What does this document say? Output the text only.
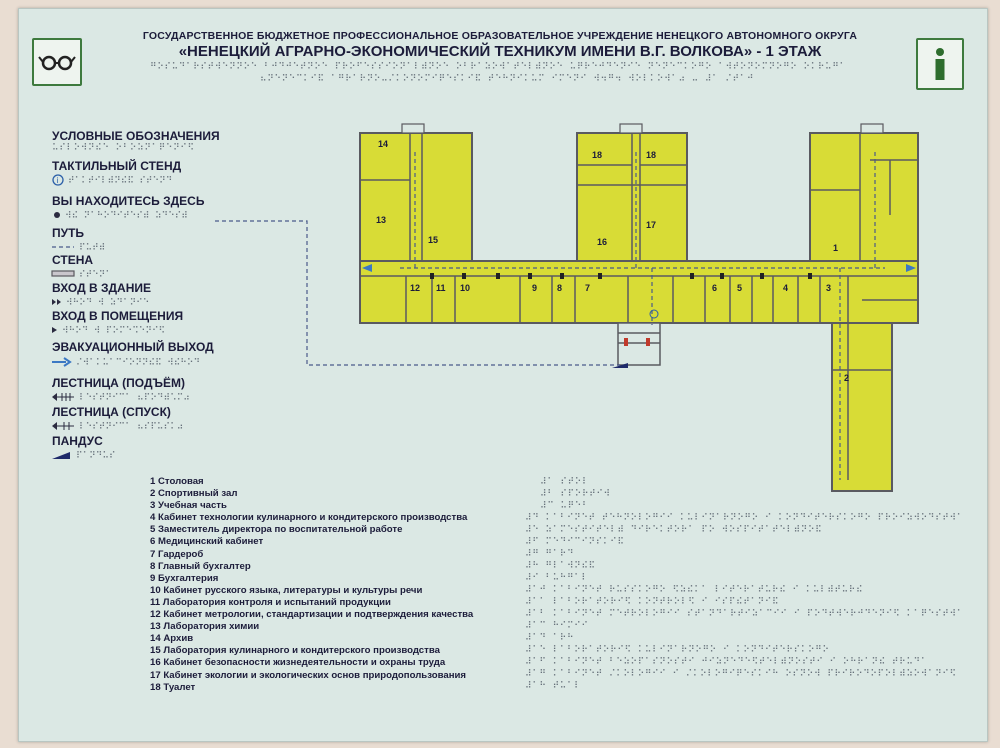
ГОСУДАРСТВЕННОЕ БЮДЖЕТНОЕ ПРОФЕССИОНАЛЬНОЕ ОБРАЗОВАТЕЛЬНОЕ УЧРЕЖДЕНИЕ НЕНЕЦКОГО АВТОНОМНОГО ОКРУГА
«НЕНЕЦКИЙ АГРАРНО-ЭКОНОМИЧЕСКИЙ ТЕХНИКУМ ИМЕНИ В.Г. ВОЛКОВА» - 1 ЭТАЖ
⠛⠕⠎⠥⠙⠁⠗⠎⠞⠺⠑⠝⠝⠕⠑ ⠃⠚⠙⠚⠑⠞⠝⠕⠑ ⠏⠗⠕⠋⠑⠎⠎⠊⠕⠝⠁⠇⠾⠝⠕⠑ ⠕⠃⠗⠁⠵⠕⠺⠁⠞⠑⠇⠾⠝⠕⠑ ⠥⠟⠗⠑⠚⠙⠑⠝⠊⠑ ⠝⠑⠝⠑⠉⠅⠕⠛⠕ ⠁⠺⠞⠕⠝⠕⠍⠝⠕⠛⠕ ⠕⠅⠗⠥⠛⠁
⠦⠝⠑⠝⠑⠉⠅⠊⠯ ⠁⠛⠗⠁⠗⠝⠕⠤⠌⠅⠕⠝⠕⠍⠊⠟⠑⠎⠅⠊⠯ ⠞⠑⠓⠝⠊⠅⠥⠍ ⠊⠍⠑⠝⠊ ⠺⠲⠛⠲ ⠺⠕⠇⠅⠕⠺⠁⠴ ⠤ ⠼⠁ ⠌⠞⠁⠚
УСЛОВНЫЕ ОБОЗНАЧЕНИЯ
⠥⠎⠇⠕⠺⠝⠮⠑ ⠕⠃⠕⠵⠝⠁⠟⠑⠝⠊⠫
ТАКТИЛЬНЫЙ СТЕНД
i ⠞⠁⠅⠞⠊⠇⠾⠝⠮⠯ ⠎⠞⠑⠝⠙
ВЫ НАХОДИТЕСЬ ЗДЕСЬ
⠺⠮ ⠝⠁⠓⠕⠙⠊⠞⠑⠎⠾ ⠵⠙⠑⠎⠾
ПУТЬ
⠏⠥⠞⠾
СТЕНА
⠎⠞⠑⠝⠁
ВХОД В ЗДАНИЕ
⠺⠓⠕⠙ ⠺ ⠵⠙⠁⠝⠊⠑
ВХОД В ПОМЕЩЕНИЯ
⠺⠓⠕⠙ ⠺ ⠏⠕⠍⠑⠩⠑⠝⠊⠫
ЭВАКУАЦИОННЫЙ ВЫХОД
⠌⠺⠁⠅⠥⠁⠉⠊⠕⠝⠝⠮⠯ ⠺⠮⠓⠕⠙
ЛЕСТНИЦА (ПОДЪЁМ)
⠇⠑⠎⠞⠝⠊⠉⠁ ⠦⠏⠕⠙⠾⠡⠍⠴
ЛЕСТНИЦА (СПУСК)
⠇⠑⠎⠞⠝⠊⠉⠁ ⠦⠎⠏⠥⠎⠅⠴
ПАНДУС
⠏⠁⠝⠙⠥⠎
1 Столовая
2 Спортивный зал
3 Учебная часть
4 Кабинет технологии кулинарного и кондитерского производства
5 Заместитель директора по воспитательной работе
6 Медицинский кабинет
7 Гардероб
8 Главный бухгалтер
9 Бухгалтерия
10 Кабинет русского языка, литературы и культуры речи
11 Лаборатория контроля и испытаний продукции
12 Кабинет метрологии, стандартизации и подтверждения качества
13 Лаборатория химии
14 Архив
15 Лаборатория кулинарного и кондитерского производства
16 Кабинет безопасности жизнедеятельности и охраны труда
17 Кабинет экологии и экологических основ природопользования
18 Туалет
⠼⠁ ⠎⠞⠕⠇
⠼⠃ ⠎⠏⠕⠗⠞⠊⠺
⠼⠉ ⠥⠟⠑⠃
⠼⠙ ⠅⠁⠃⠊⠝⠑⠞ ⠞⠑⠓⠝⠕⠇⠕⠛⠊⠊ ⠅⠥⠇⠊⠝⠁⠗⠝⠕⠛⠕ ⠊ ⠅⠕⠝⠙⠊⠞⠑⠗⠎⠅⠕⠛⠕ ⠏⠗⠕⠊⠵⠺⠕⠙⠎⠞⠺⠁
⠼⠑ ⠵⠁⠍⠑⠎⠞⠊⠞⠑⠇⠾ ⠙⠊⠗⠑⠅⠞⠕⠗⠁ ⠏⠕ ⠺⠕⠎⠏⠊⠞⠁⠞⠑⠇⠾⠝⠕⠯
⠼⠋ ⠍⠑⠙⠊⠉⠊⠝⠎⠅⠊⠯
⠼⠛ ⠛⠁⠗⠙
⠼⠓ ⠛⠇⠁⠺⠝⠮⠯
⠼⠊ ⠃⠥⠓⠛⠁⠇
⠼⠁⠚ ⠅⠁⠃⠊⠝⠑⠞ ⠗⠥⠎⠎⠅⠕⠛⠕ ⠫⠵⠮⠅⠁ ⠇⠊⠞⠑⠗⠁⠞⠥⠗⠮ ⠊ ⠅⠥⠇⠾⠞⠥⠗⠮
⠼⠁⠁ ⠇⠁⠃⠕⠗⠁⠞⠕⠗⠊⠫ ⠅⠕⠝⠞⠗⠕⠇⠫ ⠊ ⠊⠎⠏⠮⠞⠁⠝⠊⠯
⠼⠁⠃ ⠅⠁⠃⠊⠝⠑⠞ ⠍⠑⠞⠗⠕⠇⠕⠛⠊⠊ ⠎⠞⠁⠝⠙⠁⠗⠞⠊⠵⠁⠉⠊⠊ ⠊ ⠏⠕⠙⠞⠺⠑⠗⠚⠙⠑⠝⠊⠫ ⠅⠁⠟⠑⠎⠞⠺⠁
⠼⠁⠉ ⠓⠊⠍⠊⠊
⠼⠁⠙ ⠁⠗⠓
⠼⠁⠑ ⠇⠁⠃⠕⠗⠁⠞⠕⠗⠊⠫ ⠅⠥⠇⠊⠝⠁⠗⠝⠕⠛⠕ ⠊ ⠅⠕⠝⠙⠊⠞⠑⠗⠎⠅⠕⠛⠕
⠼⠁⠋ ⠅⠁⠃⠊⠝⠑⠞ ⠃⠑⠵⠕⠏⠁⠎⠝⠕⠎⠞⠊ ⠚⠊⠵⠝⠑⠙⠑⠫⠞⠑⠇⠾⠝⠕⠎⠞⠊ ⠊ ⠕⠓⠗⠁⠝⠮ ⠞⠗⠥⠙⠁
⠼⠁⠛ ⠅⠁⠃⠊⠝⠑⠞ ⠌⠅⠕⠇⠕⠛⠊⠊ ⠊ ⠌⠅⠕⠇⠕⠛⠊⠟⠑⠎⠅⠊⠓ ⠕⠎⠝⠕⠺ ⠏⠗⠊⠗⠕⠙⠕⠏⠕⠇⠾⠵⠕⠺⠁⠝⠊⠫
⠼⠁⠓ ⠞⠥⠁⠇
14
13
15
18	18
16
17
12 11 10	9 8	7	6 5	4	3
1
2
